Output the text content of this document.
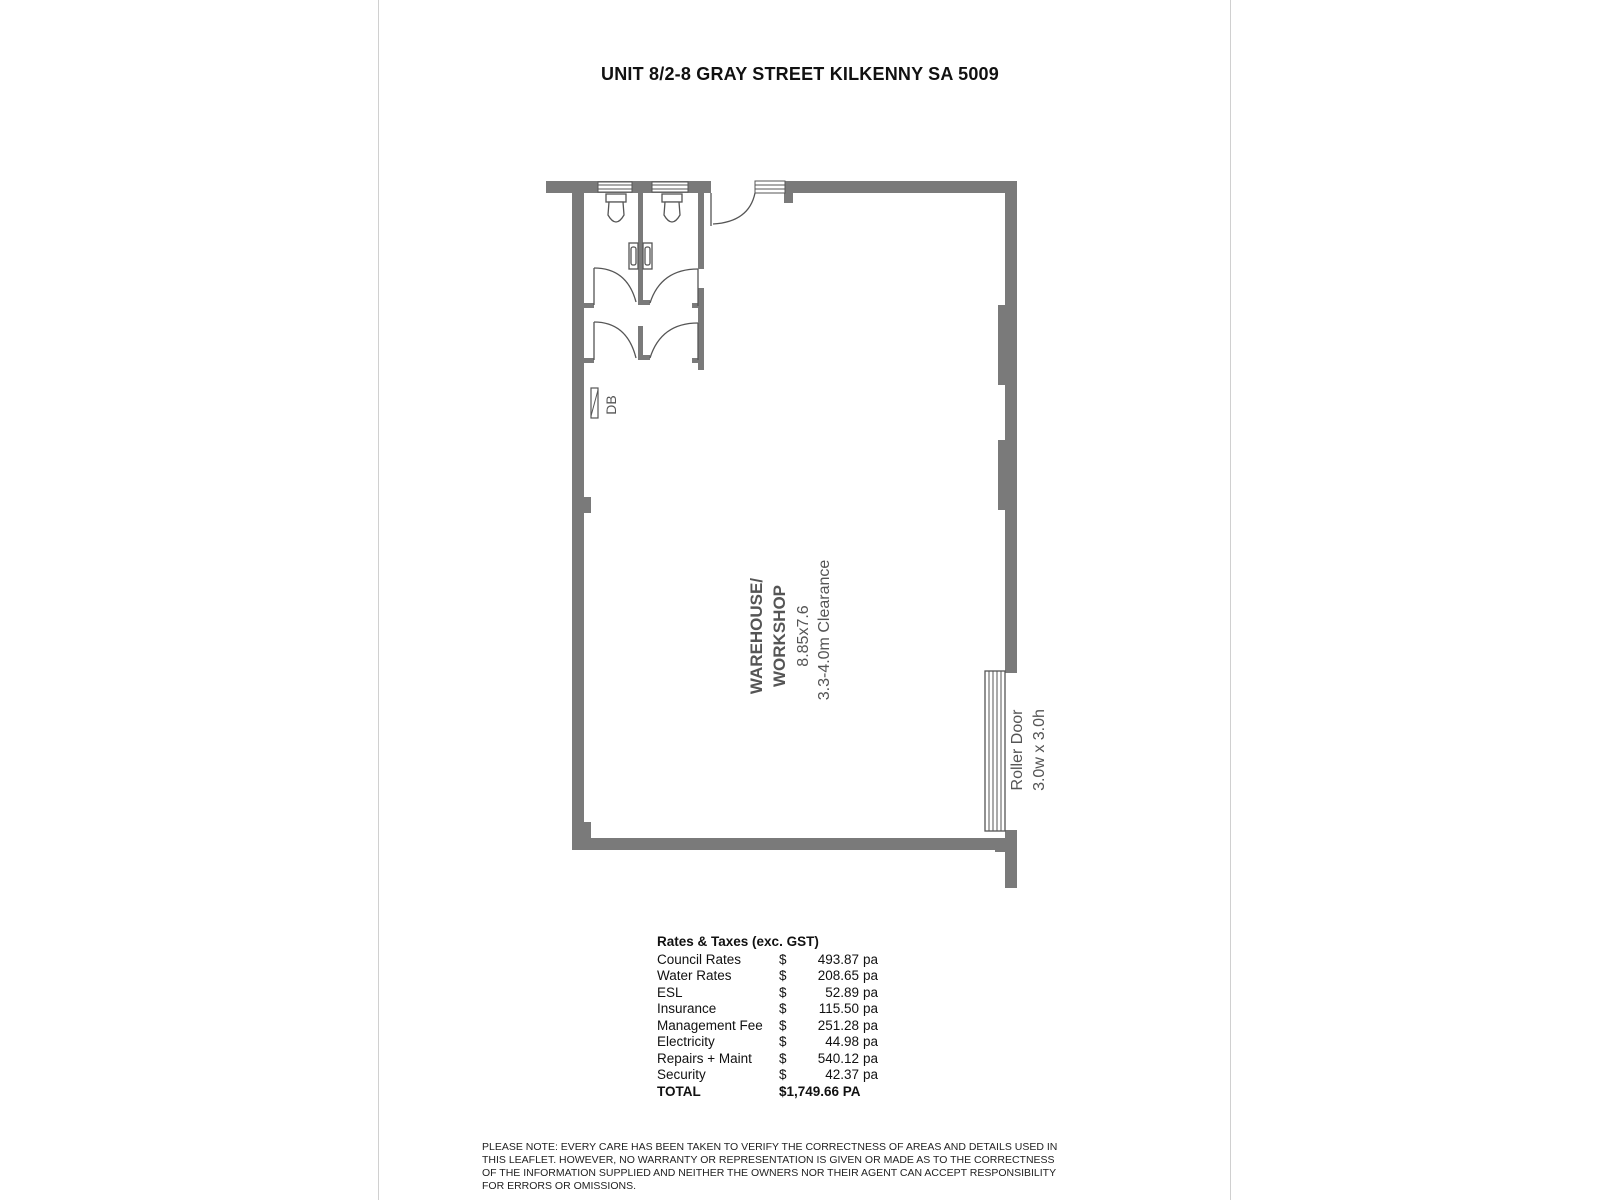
UNIT 8/2-8 GRAY STREET KILKENNY SA 5009
DB
WAREHOUSE/ WORKSHOP 8.85x7.6 3.3-4.0m Clearance
Roller Door 3.0w x 3.0h
Rates & Taxes (exc. GST)
Council Rates	$	493.87 pa
Water Rates	$	208.65 pa
ESL	$	52.89 pa
Insurance	$	115.50 pa
Management Fee	$	251.28 pa
Electricity	$	44.98 pa
Repairs + Maint	$	540.12 pa
Security	$	42.37 pa
TOTAL	$1,749.66 PA
PLEASE NOTE: EVERY CARE HAS BEEN TAKEN TO VERIFY THE CORRECTNESS OF AREAS AND DETAILS USED IN
THIS LEAFLET. HOWEVER, NO WARRANTY OR REPRESENTATION IS GIVEN OR MADE AS TO THE CORRECTNESS
OF THE INFORMATION SUPPLIED AND NEITHER THE OWNERS NOR THEIR AGENT CAN ACCEPT RESPONSIBILITY
FOR ERRORS OR OMISSIONS.
